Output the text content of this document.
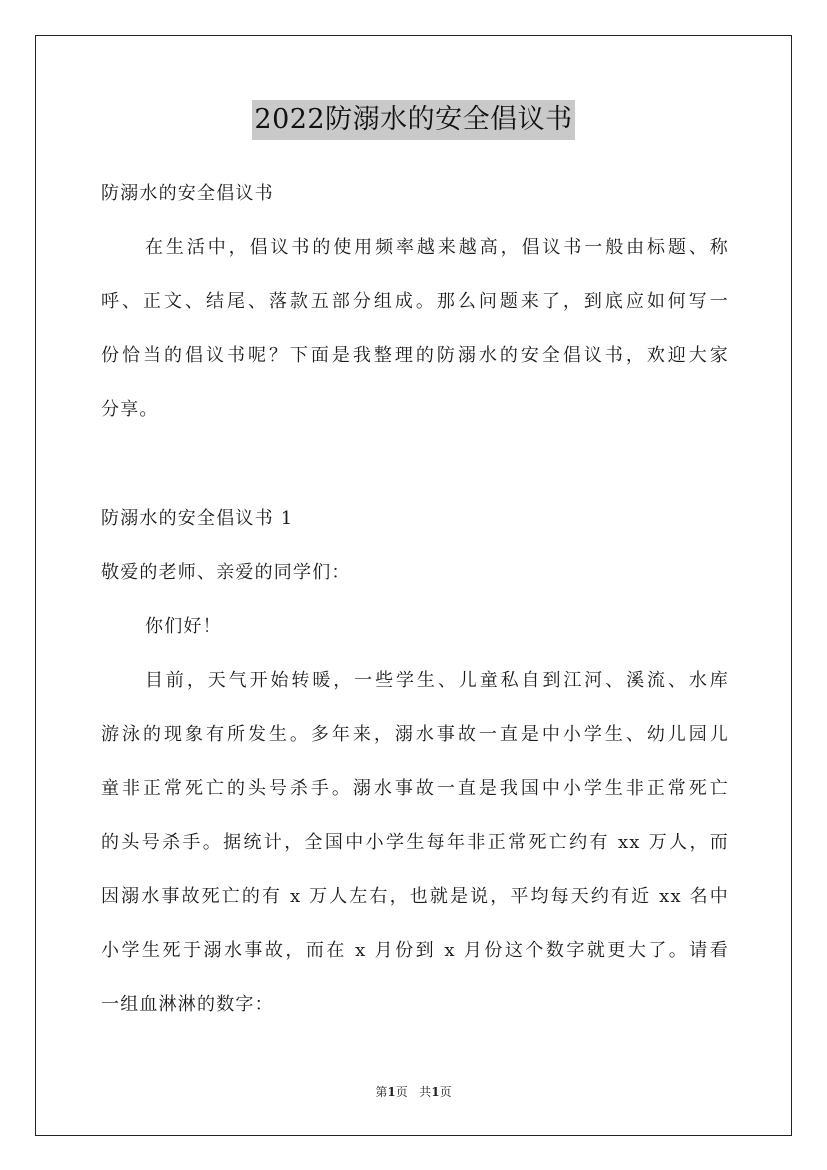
2022防溺水的安全倡议书
防溺水的安全倡议书
在生活中，倡议书的使用频率越来越高，倡议书一般由标题、称
呼、正文、结尾、落款五部分组成。那么问题来了，到底应如何写一
份恰当的倡议书呢？下面是我整理的防溺水的安全倡议书，欢迎大家
分享。
防溺水的安全倡议书 1
敬爱的老师、亲爱的同学们：
你们好！
目前，天气开始转暖，一些学生、儿童私自到江河、溪流、水库
游泳的现象有所发生。多年来，溺水事故一直是中小学生、幼儿园儿
童非正常死亡的头号杀手。溺水事故一直是我国中小学生非正常死亡
的头号杀手。据统计，全国中小学生每年非正常死亡约有 xx 万人，而
因溺水事故死亡的有 x 万人左右，也就是说，平均每天约有近 xx 名中
小学生死于溺水事故，而在 x 月份到 x 月份这个数字就更大了。请看
一组血淋淋的数字：
第1页   共1页
